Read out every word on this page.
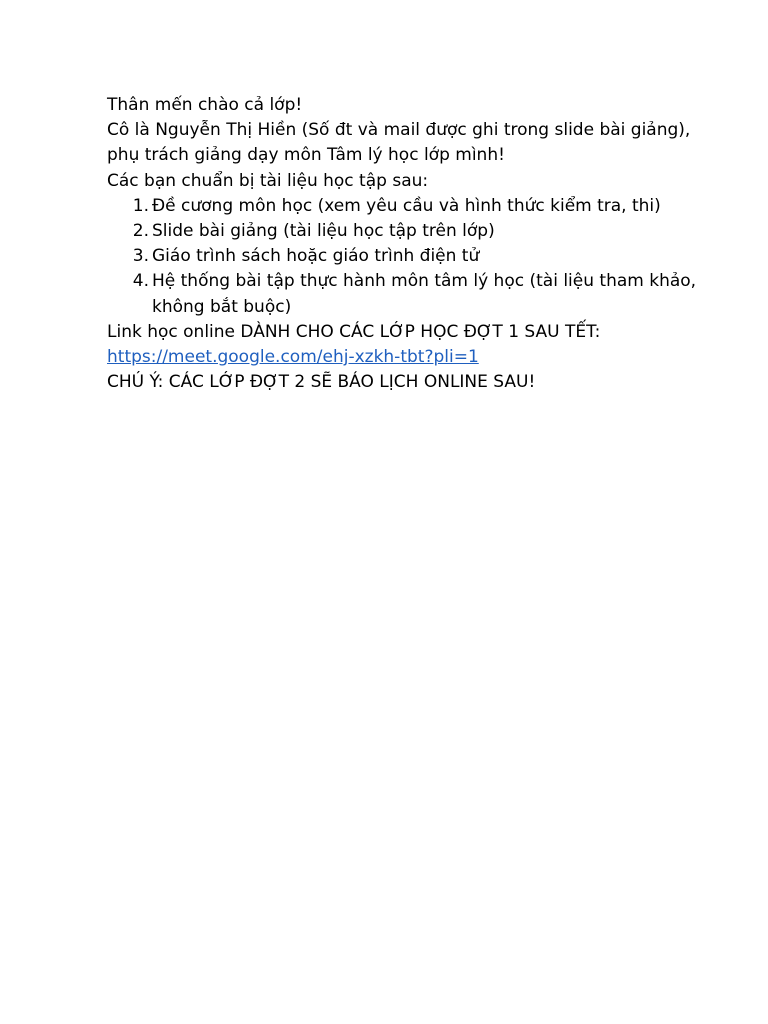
Thân mến chào cả lớp!

Cô là Nguyễn Thị Hiền (Số đt và mail được ghi trong slide bài giảng), phụ trách giảng dạy môn Tâm lý học lớp mình!

Các bạn chuẩn bị tài liệu học tập sau:

1. Đề cương môn học (xem yêu cầu và hình thức kiểm tra, thi)
2. Slide bài giảng (tài liệu học tập trên lớp)
3. Giáo trình sách hoặc giáo trình điện tử
4. Hệ thống bài tập thực hành môn tâm lý học (tài liệu tham khảo, không bắt buộc)

Link học online DÀNH CHO CÁC LỚP HỌC ĐỢT 1 SAU TẾT:

https://meet.google.com/ehj-xzkh-tbt?pli=1

CHÚ Ý: CÁC LỚP ĐỢT 2 SẼ BÁO LỊCH ONLINE SAU!
